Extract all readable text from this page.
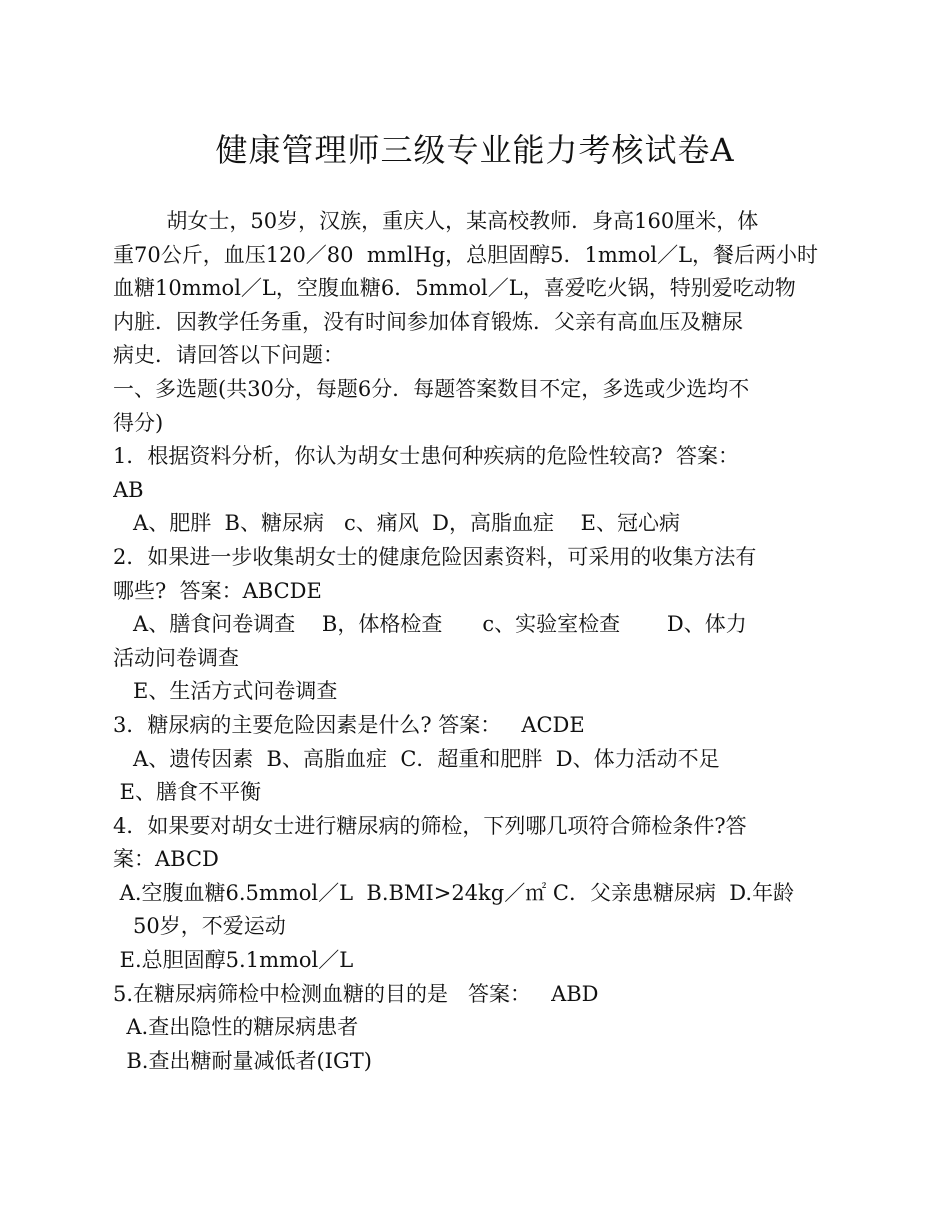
健康管理师三级专业能力考核试卷A
胡女士，50岁，汉族，重庆人，某高校教师．身高160厘米，体
重70公斤，血压120／80  mmlHg，总胆固醇5．1mmol／L，餐后两小时
血糖10mmol／L，空腹血糖6．5mmol／L，喜爱吃火锅，特别爱吃动物
内脏．因教学任务重，没有时间参加体育锻炼．父亲有高血压及糖尿
病史．请回答以下问题：
一、多选题(共30分，每题6分．每题答案数目不定，多选或少选均不
得分)
1．根据资料分析，你认为胡女士患何种疾病的危险性较高?  答案：
AB
A、肥胖  B、糖尿病   c、痛风  D，高脂血症    E、冠心病
2．如果进一步收集胡女士的健康危险因素资料，可采用的收集方法有
哪些?  答案：ABCDE
A、膳食问卷调查    B，体格检查      c、实验室检查       D、体力
活动问卷调查
E、生活方式问卷调查
3．糖尿病的主要危险因素是什么? 答案：   ACDE
A、遗传因素  B、高脂血症  C．超重和肥胖  D、体力活动不足
E、膳食不平衡
4．如果要对胡女士进行糖尿病的筛检，下列哪几项符合筛检条件?答
案：ABCD
A.空腹血糖6.5mmol／L  B.BMI>24kg／㎡ C．父亲患糖尿病  D.年龄
50岁，不爱运动
E.总胆固醇5.1mmol／L
5.在糖尿病筛检中检测血糖的目的是   答案：   ABD
A.查出隐性的糖尿病患者
B.查出糖耐量减低者(IGT)
